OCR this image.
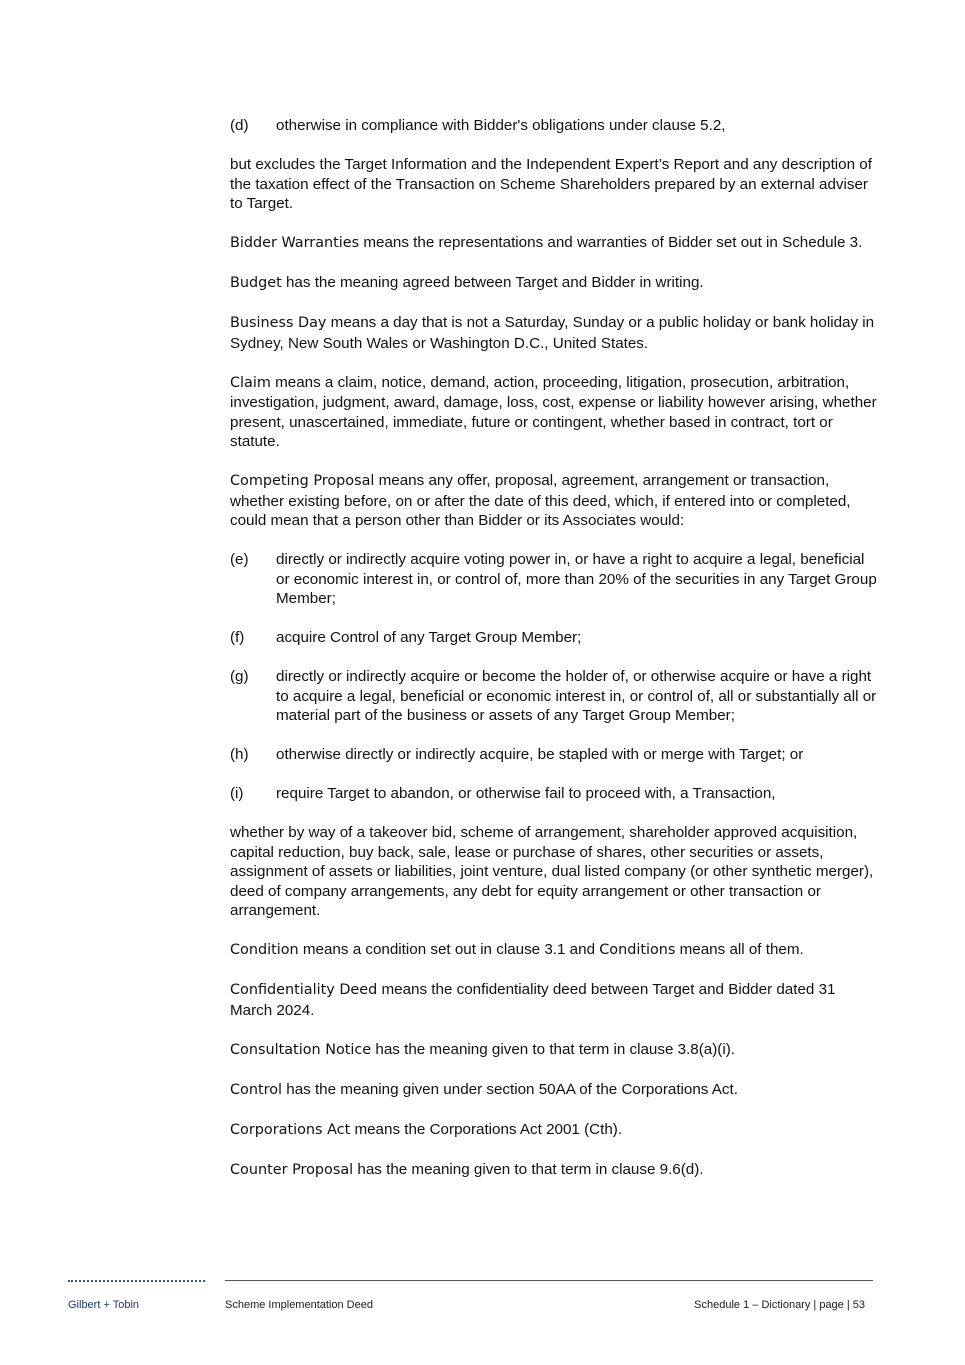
(d)	otherwise in compliance with Bidder's obligations under clause 5.2,

but excludes the Target Information and the Independent Expert’s Report and any description of the taxation effect of the Transaction on Scheme Shareholders prepared by an external adviser to Target.

Bidder Warranties means the representations and warranties of Bidder set out in Schedule 3.

Budget has the meaning agreed between Target and Bidder in writing.

Business Day means a day that is not a Saturday, Sunday or a public holiday or bank holiday in Sydney, New South Wales or Washington D.C., United States.

Claim means a claim, notice, demand, action, proceeding, litigation, prosecution, arbitration, investigation, judgment, award, damage, loss, cost, expense or liability however arising, whether present, unascertained, immediate, future or contingent, whether based in contract, tort or statute.

Competing Proposal means any offer, proposal, agreement, arrangement or transaction, whether existing before, on or after the date of this deed, which, if entered into or completed, could mean that a person other than Bidder or its Associates would:

(e)	directly or indirectly acquire voting power in, or have a right to acquire a legal, beneficial or economic interest in, or control of, more than 20% of the securities in any Target Group Member;
(f)	acquire Control of any Target Group Member;
(g)	directly or indirectly acquire or become the holder of, or otherwise acquire or have a right to acquire a legal, beneficial or economic interest in, or control of, all or substantially all or material part of the business or assets of any Target Group Member;
(h)	otherwise directly or indirectly acquire, be stapled with or merge with Target; or
(i)	require Target to abandon, or otherwise fail to proceed with, a Transaction,

whether by way of a takeover bid, scheme of arrangement, shareholder approved acquisition, capital reduction, buy back, sale, lease or purchase of shares, other securities or assets, assignment of assets or liabilities, joint venture, dual listed company (or other synthetic merger), deed of company arrangements, any debt for equity arrangement or other transaction or arrangement.

Condition means a condition set out in clause 3.1 and Conditions means all of them.

Confidentiality Deed means the confidentiality deed between Target and Bidder dated 31 March 2024.

Consultation Notice has the meaning given to that term in clause 3.8(a)(i).

Control has the meaning given under section 50AA of the Corporations Act.

Corporations Act means the Corporations Act 2001 (Cth).

Counter Proposal has the meaning given to that term in clause 9.6(d).

Gilbert + Tobin	Scheme Implementation Deed	Schedule 1 – Dictionary | page | 53
